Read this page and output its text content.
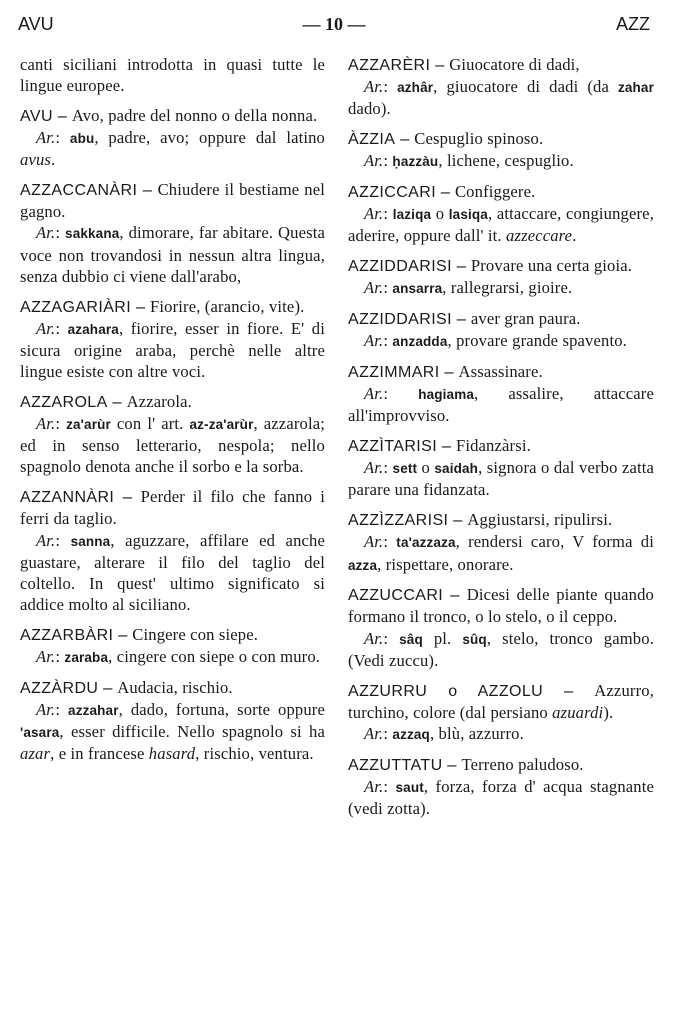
AVU	— 10 —	AZZ

canti siciliani introdotta in quasi tutte le lingue europee.

AVU – Avo, padre del nonno o della nonna.

Ar.: abu, padre, avo; oppure dal latino avus.

AZZACCANÀRI – Chiudere il bestiame nel gagno.

Ar.: sakkana, dimorare, far abitare. Questa voce non trovandosi in nessun altra lingua, senza dubbio ci viene dall'arabo,

AZZAGARIÀRI – Fiorire, (arancio, vite).

Ar.: azahara, fiorire, esser in fiore. E' di sicura origine araba, perchè nelle altre lingue esiste con altre voci.

AZZAROLA – Azzarola.

Ar.: za'arùr con l' art. az-za'arùr, azzarola; ed in senso letterario, nespola; nello spagnolo denota anche il sorbo e la sorba.

AZZANNÀRI – Perder il filo che fanno i ferri da taglio.

Ar.: sanna, aguzzare, affilare ed anche guastare, alterare il filo del taglio del coltello. In quest' ultimo significato si addice molto al siciliano.

AZZARBÀRI – Cingere con siepe.

Ar.: zaraba, cingere con siepe o con muro.

AZZÀRDU – Audacia, rischio.

Ar.: azzahar, dado, fortuna, sorte oppure 'asara, esser difficile. Nello spagnolo si ha azar, e in francese hasard, rischio, ventura.

AZZARÈRI – Giuocatore di dadi,

Ar.: azhâr, giuocatore di dadi (da zahar dado).

ÀZZIA – Cespuglio spinoso.

Ar.: ḥazzàu, lichene, cespuglio.

AZZICCARI – Configgere.

Ar.: laziqa o lasiqa, attaccare, congiungere, aderire, oppure dall' it. azzeccare.

AZZIDDARISI – Provare una certa gioia.

Ar.: ansarra, rallegrarsi, gioire.

AZZIDDARISI – aver gran paura.

Ar.: anzadda, provare grande spavento.

AZZIMMARI – Assassinare.

Ar.: hagiama, assalire, attaccare all'improvviso.

AZZÌTARISI – Fidanzàrsi.

Ar.: sett o saidah, signora o dal verbo zatta parare una fidanzata.

AZZÌZZARISI – Aggiustarsi, ripulirsi.

Ar.: ta'azzaza, rendersi caro, V forma di azza, rispettare, onorare.

AZZUCCARI – Dicesi delle piante quando formano il tronco, o lo stelo, o il ceppo.

Ar.: sâq pl. sûq, stelo, tronco gambo. (Vedi zuccu).

AZZURRU o AZZOLU – Azzurro, turchino, colore (dal persiano azuardi).

Ar.: azzaq, blù, azzurro.

AZZUTTATU – Terreno paludoso.

Ar.: saut, forza, forza d' acqua stagnante (vedi zotta).
